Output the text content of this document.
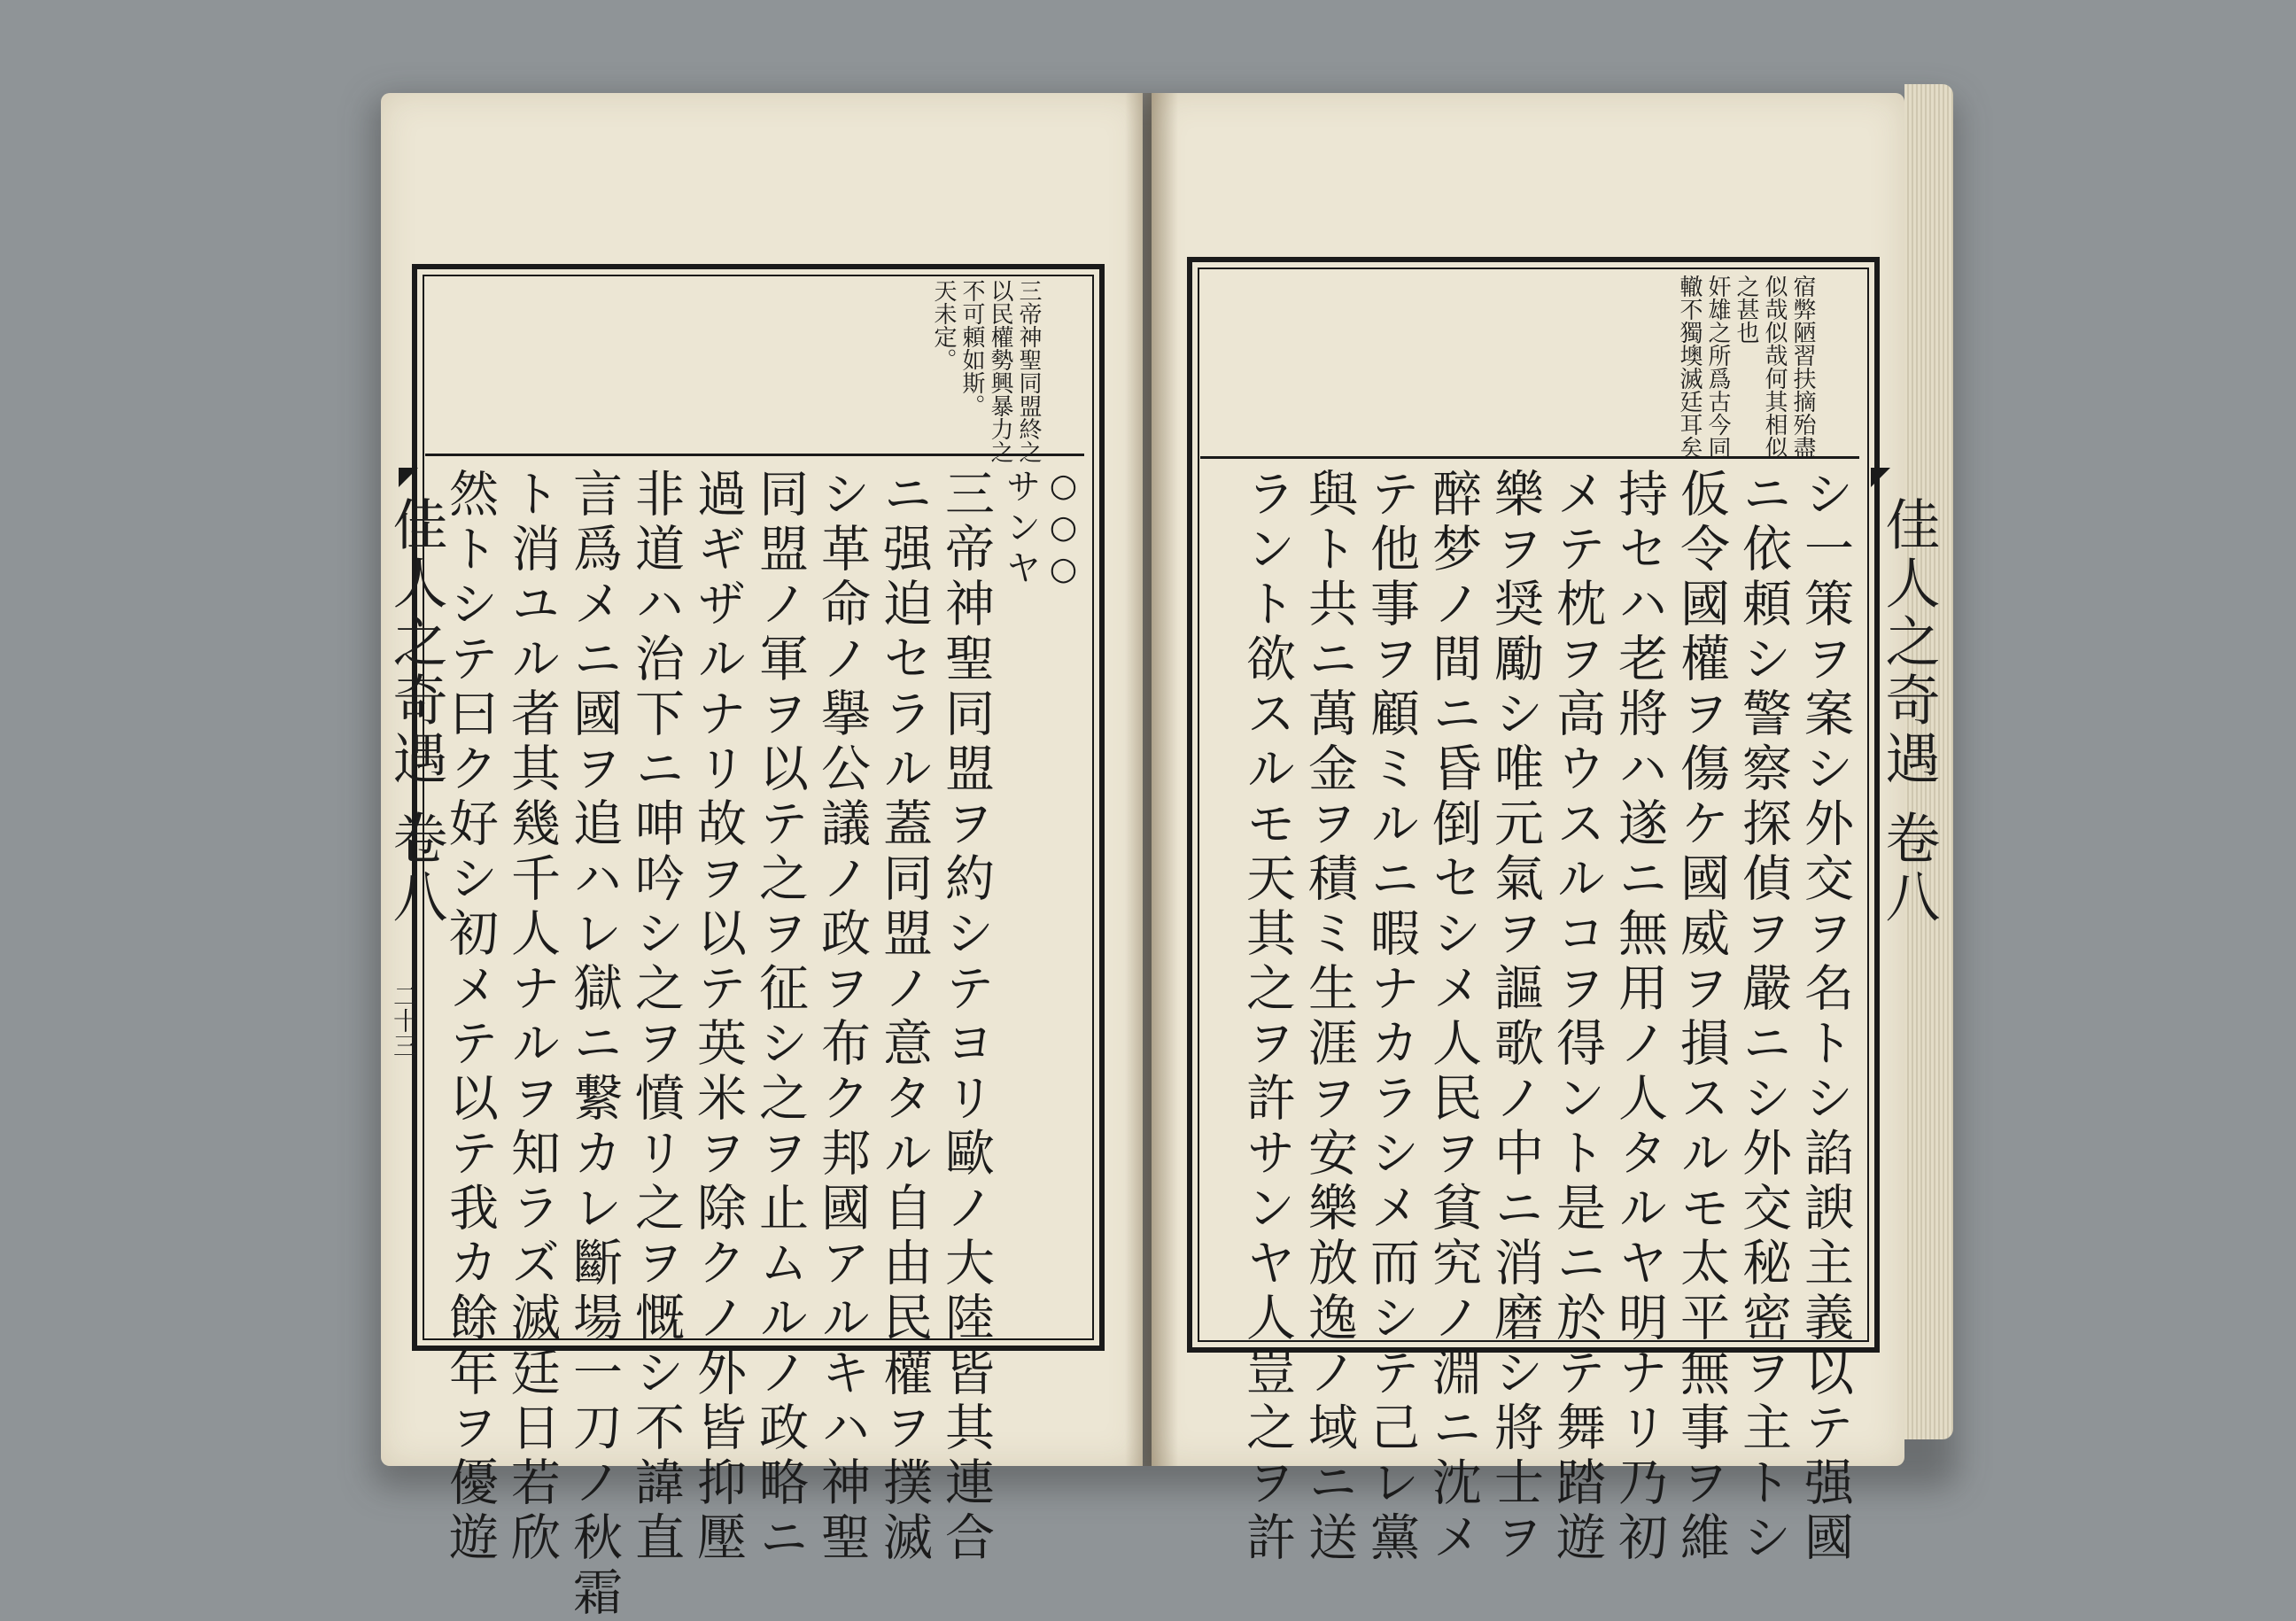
佳人之奇遇 卷八
二十三
三帝神聖同盟終之
以民權勢興暴力之
不可頼如斯。
天未定。
○○○
サンヤ
三帝神聖同盟ヲ約シテヨリ歐ノ大陸皆其連合
ニ强迫セラル蓋同盟ノ意タル自由民權ヲ撲滅
シ革命ノ擧公議ノ政ヲ布ク邦國アルキハ神聖
同盟ノ軍ヲ以テ之ヲ征シ之ヲ止ムルノ政略ニ
過ギザルナリ故ヲ以テ英米ヲ除クノ外皆抑壓
非道ハ治下ニ呻吟シ之ヲ憤リ之ヲ慨シ不諱直
言爲メニ國ヲ追ハレ獄ニ繋カレ斷場一刀ノ秋霜
ト消ユル者其幾千人ナルヲ知ラズ滅廷日若欣
然トシテ曰ク好シ初メテ以テ我カ餘年ヲ優遊	佳人之奇遇 卷八
宿弊陋習扶摘殆盡
似哉似哉何其相似
之甚也
奸雄之所爲古今同
轍不獨墺滅廷耳矣
シ一策ヲ案シ外交ヲ名トシ諂諛主義以テ强國
ニ依頼シ警察探偵ヲ嚴ニシ外交秘密ヲ主トシ
仮令國權ヲ傷ケ國威ヲ損スルモ太平無事ヲ維
持セハ老將ハ遂ニ無用ノ人タルヤ明ナリ乃初
メテ枕ヲ高ウスルコヲ得ント是ニ於テ舞踏遊
樂ヲ奨勵シ唯元氣ヲ謳歌ノ中ニ消磨シ將士ヲ
醉梦ノ間ニ昏倒セシメ人民ヲ貧究ノ淵ニ沈メ
テ他事ヲ顧ミルニ暇ナカラシメ而シテ己レ黨
與ト共ニ萬金ヲ積ミ生涯ヲ安樂放逸ノ域ニ送
ラント欲スルモ天其之ヲ許サンヤ人豈之ヲ許
